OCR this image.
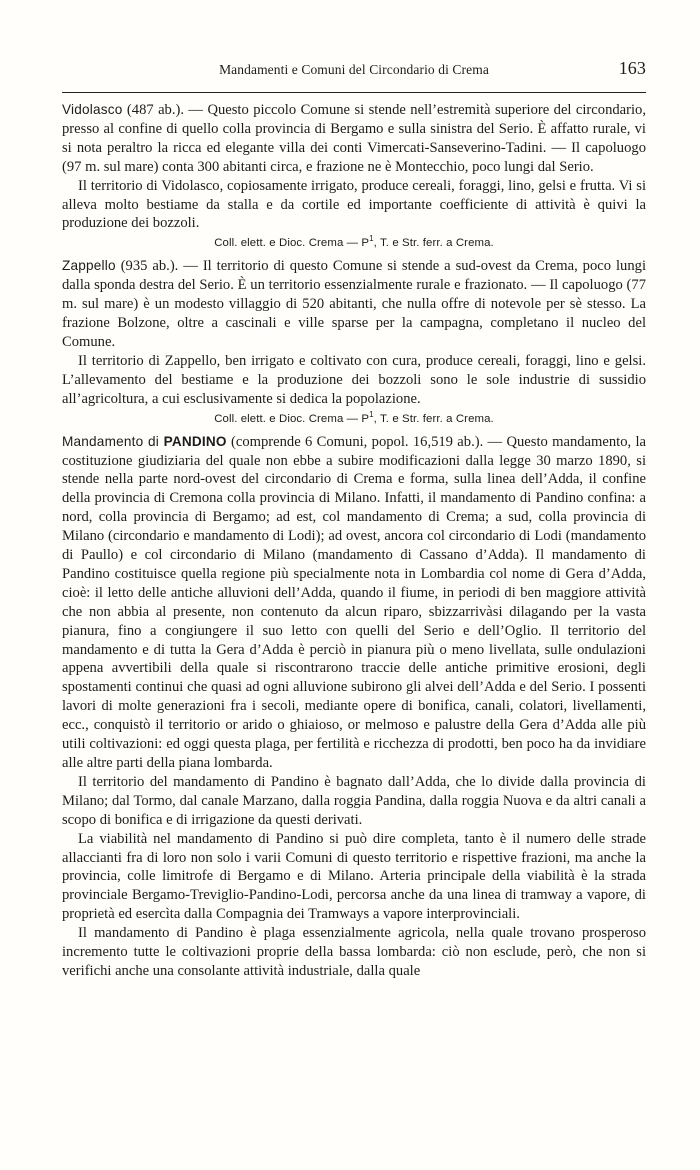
Mandamenti e Comuni del Circondario di Crema	163

Vidolasco (487 ab.). — Questo piccolo Comune si stende nell’estremità superiore del circondario, presso al confine di quello colla provincia di Bergamo e sulla sinistra del Serio. È affatto rurale, vi si nota peraltro la ricca ed elegante villa dei conti Vimercati-Sanseverino-Tadini. — Il capoluogo (97 m. sul mare) conta 300 abitanti circa, e frazione ne è Montecchio, poco lungi dal Serio.

Il territorio di Vidolasco, copiosamente irrigato, produce cereali, foraggi, lino, gelsi e frutta. Vi si alleva molto bestiame da stalla e da cortile ed importante coefficiente di attività è quivi la produzione dei bozzoli.

Coll. elett. e Dioc. Crema — $P^1$, T. e Str. ferr. a Crema.

Zappello (935 ab.). — Il territorio di questo Comune si stende a sud-ovest da Crema, poco lungi dalla sponda destra del Serio. È un territorio essenzialmente rurale e frazionato. — Il capoluogo (77 m. sul mare) è un modesto villaggio di 520 abitanti, che nulla offre di notevole per sè stesso. La frazione Bolzone, oltre a cascinali e ville sparse per la campagna, completano il nucleo del Comune.

Il territorio di Zappello, ben irrigato e coltivato con cura, produce cereali, foraggi, lino e gelsi. L’allevamento del bestiame e la produzione dei bozzoli sono le sole industrie di sussidio all’agricoltura, a cui esclusivamente si dedica la popolazione.

Coll. elett. e Dioc. Crema — $P^1$, T. e Str. ferr. a Crema.

Mandamento di PANDINO (comprende 6 Comuni, popol. 16,519 ab.). — Questo mandamento, la costituzione giudiziaria del quale non ebbe a subire modificazioni dalla legge 30 marzo 1890, si stende nella parte nord-ovest del circondario di Crema e forma, sulla linea dell’Adda, il confine della provincia di Cremona colla provincia di Milano. Infatti, il mandamento di Pandino confina: a nord, colla provincia di Bergamo; ad est, col mandamento di Crema; a sud, colla provincia di Milano (circondario e mandamento di Lodi); ad ovest, ancora col circondario di Lodi (mandamento di Paullo) e col circondario di Milano (mandamento di Cassano d’Adda). Il mandamento di Pandino costituisce quella regione più specialmente nota in Lombardia col nome di Gera d’Adda, cioè: il letto delle antiche alluvioni dell’Adda, quando il fiume, in periodi di ben maggiore attività che non abbia al presente, non contenuto da alcun riparo, sbizzarrivàsi dilagando per la vasta pianura, fino a congiungere il suo letto con quelli del Serio e dell’Oglio. Il territorio del mandamento e di tutta la Gera d’Adda è perciò in pianura più o meno livellata, sulle ondulazioni appena avvertibili della quale si riscontrarono traccie delle antiche primitive erosioni, degli spostamenti continui che quasi ad ogni alluvione subirono gli alvei dell’Adda e del Serio. I possenti lavori di molte generazioni fra i secoli, mediante opere di bonifica, canali, colatori, livellamenti, ecc., conquistò il territorio or arido o ghiaioso, or melmoso e palustre della Gera d’Adda alle più utili coltivazioni: ed oggi questa plaga, per fertilità e ricchezza di prodotti, ben poco ha da invidiare alle altre parti della piana lombarda.

Il territorio del mandamento di Pandino è bagnato dall’Adda, che lo divide dalla provincia di Milano; dal Tormo, dal canale Marzano, dalla roggia Pandina, dalla roggia Nuova e da altri canali a scopo di bonifica e di irrigazione da questi derivati.

La viabilità nel mandamento di Pandino si può dire completa, tanto è il numero delle strade allaccianti fra di loro non solo i varii Comuni di questo territorio e rispettive frazioni, ma anche la provincia, colle limitrofe di Bergamo e di Milano. Arteria principale della viabilità è la strada provinciale Bergamo-Treviglio-Pandino-Lodi, percorsa anche da una linea di tramway a vapore, di proprietà ed esercìta dalla Compagnia dei Tramways a vapore interprovinciali.

Il mandamento di Pandino è plaga essenzialmente agricola, nella quale trovano prosperoso incremento tutte le coltivazioni proprie della bassa lombarda: ciò non esclude, però, che non si verifichi anche una consolante attività industriale, dalla quale
